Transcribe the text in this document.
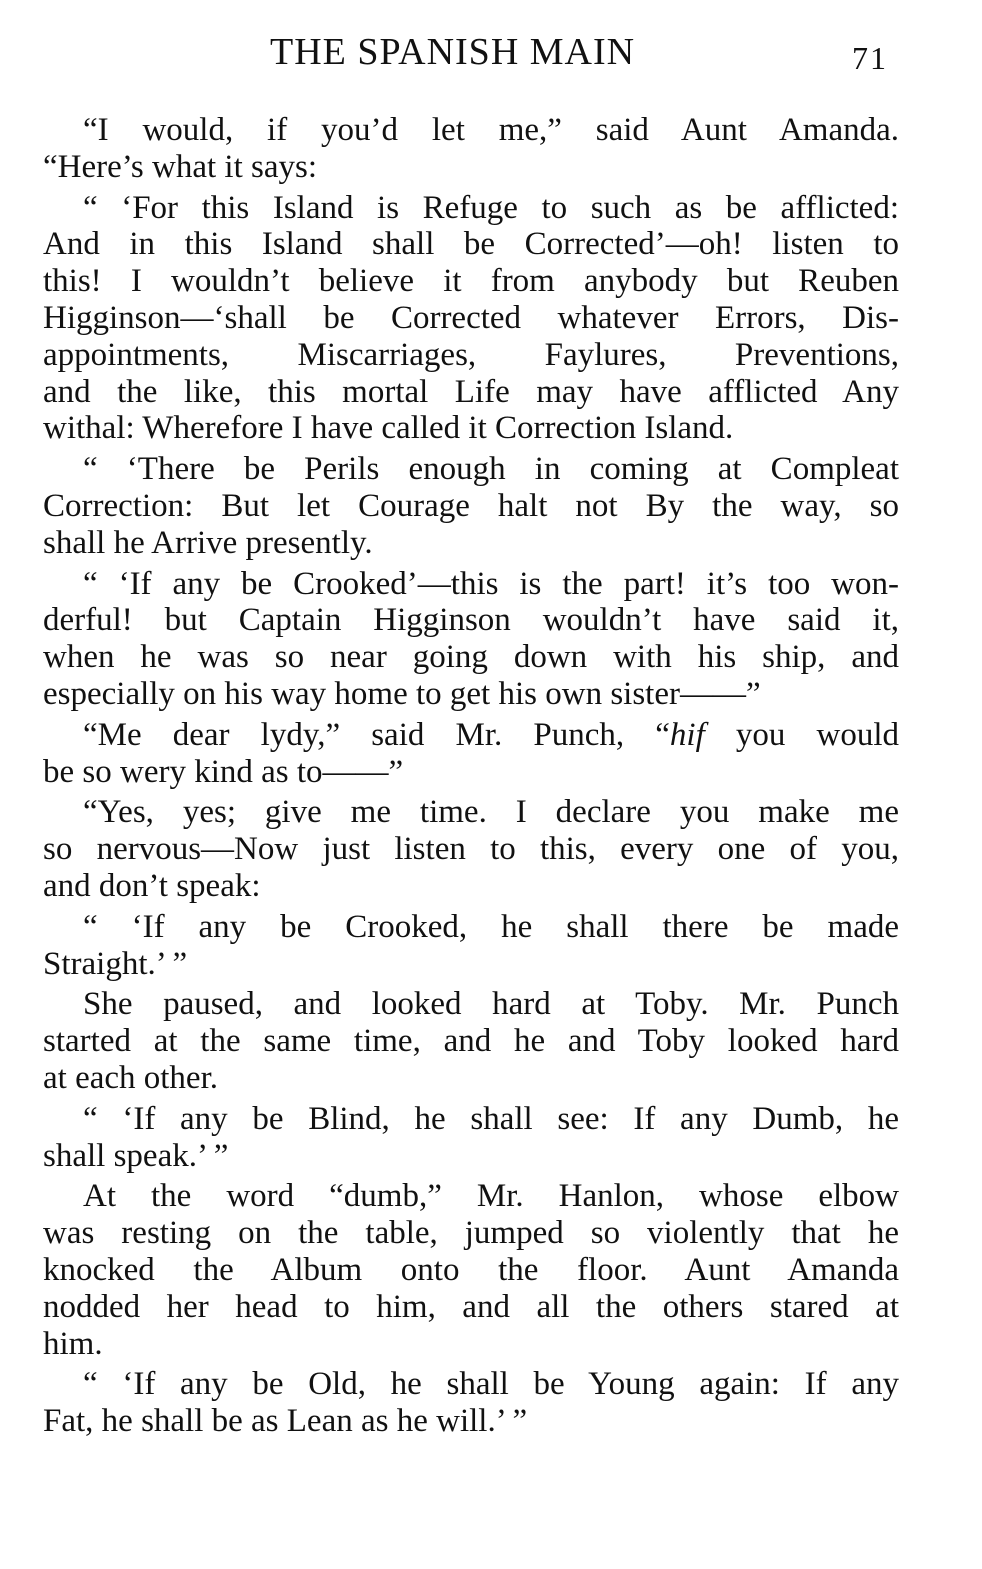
THE SPANISH MAIN	71

“I would, if you’d let me,” said Aunt Amanda.
“Here’s what it says:

“ ‘For this Island is Refuge to such as be afflicted:
And in this Island shall be Corrected’—oh! listen to
this! I wouldn’t believe it from anybody but Reuben
Higginson—‘shall be Corrected whatever Errors, Dis-
appointments, Miscarriages, Faylures, Preventions,
and the like, this mortal Life may have afflicted Any
withal: Wherefore I have called it Correction Island.

“ ‘There be Perils enough in coming at Compleat
Correction: But let Courage halt not By the way, so
shall he Arrive presently.

“ ‘If any be Crooked’—this is the part! it’s too won-
derful! but Captain Higginson wouldn’t have said it,
when he was so near going down with his ship, and
especially on his way home to get his own sister——”

“Me dear lydy,” said Mr. Punch, “hif you would
be so wery kind as to——”

“Yes, yes; give me time. I declare you make me
so nervous—Now just listen to this, every one of you,
and don’t speak:

“ ‘If any be Crooked, he shall there be made
Straight.’ ”

She paused, and looked hard at Toby. Mr. Punch
started at the same time, and he and Toby looked hard
at each other.

“ ‘If any be Blind, he shall see: If any Dumb, he
shall speak.’ ”

At the word “dumb,” Mr. Hanlon, whose elbow
was resting on the table, jumped so violently that he
knocked the Album onto the floor. Aunt Amanda
nodded her head to him, and all the others stared at
him.

“ ‘If any be Old, he shall be Young again: If any
Fat, he shall be as Lean as he will.’ ”
